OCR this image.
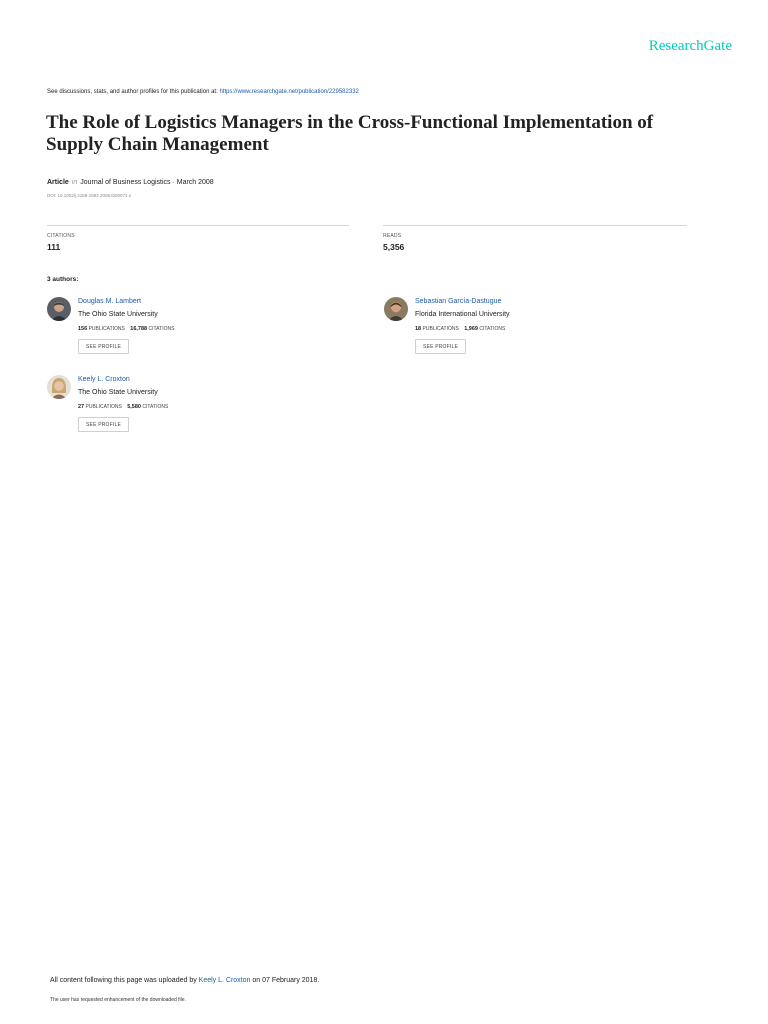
ResearchGate
See discussions, stats, and author profiles for this publication at: https://www.researchgate.net/publication/229582332
The Role of Logistics Managers in the Cross-Functional Implementation of Supply Chain Management
Article in Journal of Business Logistics · March 2008
DOI: 10.1002/j.2158-1592.2008.tb00071.x
CITATIONS
111
READS
5,356
3 authors:
Douglas M. Lambert
The Ohio State University
156 PUBLICATIONS 16,788 CITATIONS
SEE PROFILE
Sebastian García-Dastugue
Florida International University
18 PUBLICATIONS 1,969 CITATIONS
SEE PROFILE
Keely L. Croxton
The Ohio State University
27 PUBLICATIONS 5,580 CITATIONS
SEE PROFILE
All content following this page was uploaded by Keely L. Croxton on 07 February 2018.
The user has requested enhancement of the downloaded file.
